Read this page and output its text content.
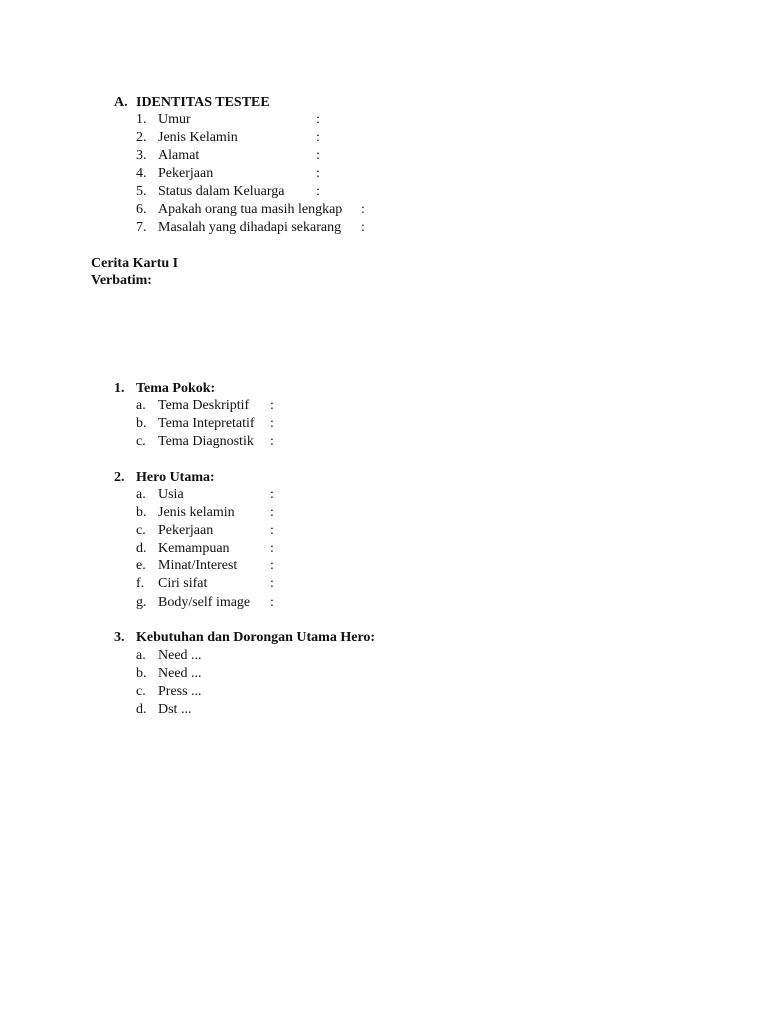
A. IDENTITAS TESTEE
1. Umur	:
2. Jenis Kelamin	:
3. Alamat	:
4. Pekerjaan	:
5. Status dalam Keluarga :
6. Apakah orang tua masih lengkap :
7. Masalah yang dihadapi sekarang :
Cerita Kartu I
Verbatim:
1. Tema Pokok:
a. Tema Deskriptif :
b. Tema Intepretatif :
c. Tema Diagnostik :
2. Hero Utama:
a. Usia	:
b. Jenis kelamin	:
c. Pekerjaan	:
d. Kemampuan	:
e. Minat/Interest :
f. Ciri sifat	:
g. Body/self image :
3. Kebutuhan dan Dorongan Utama Hero:
a. Need ...
b. Need ...
c. Press ...
d. Dst ...
